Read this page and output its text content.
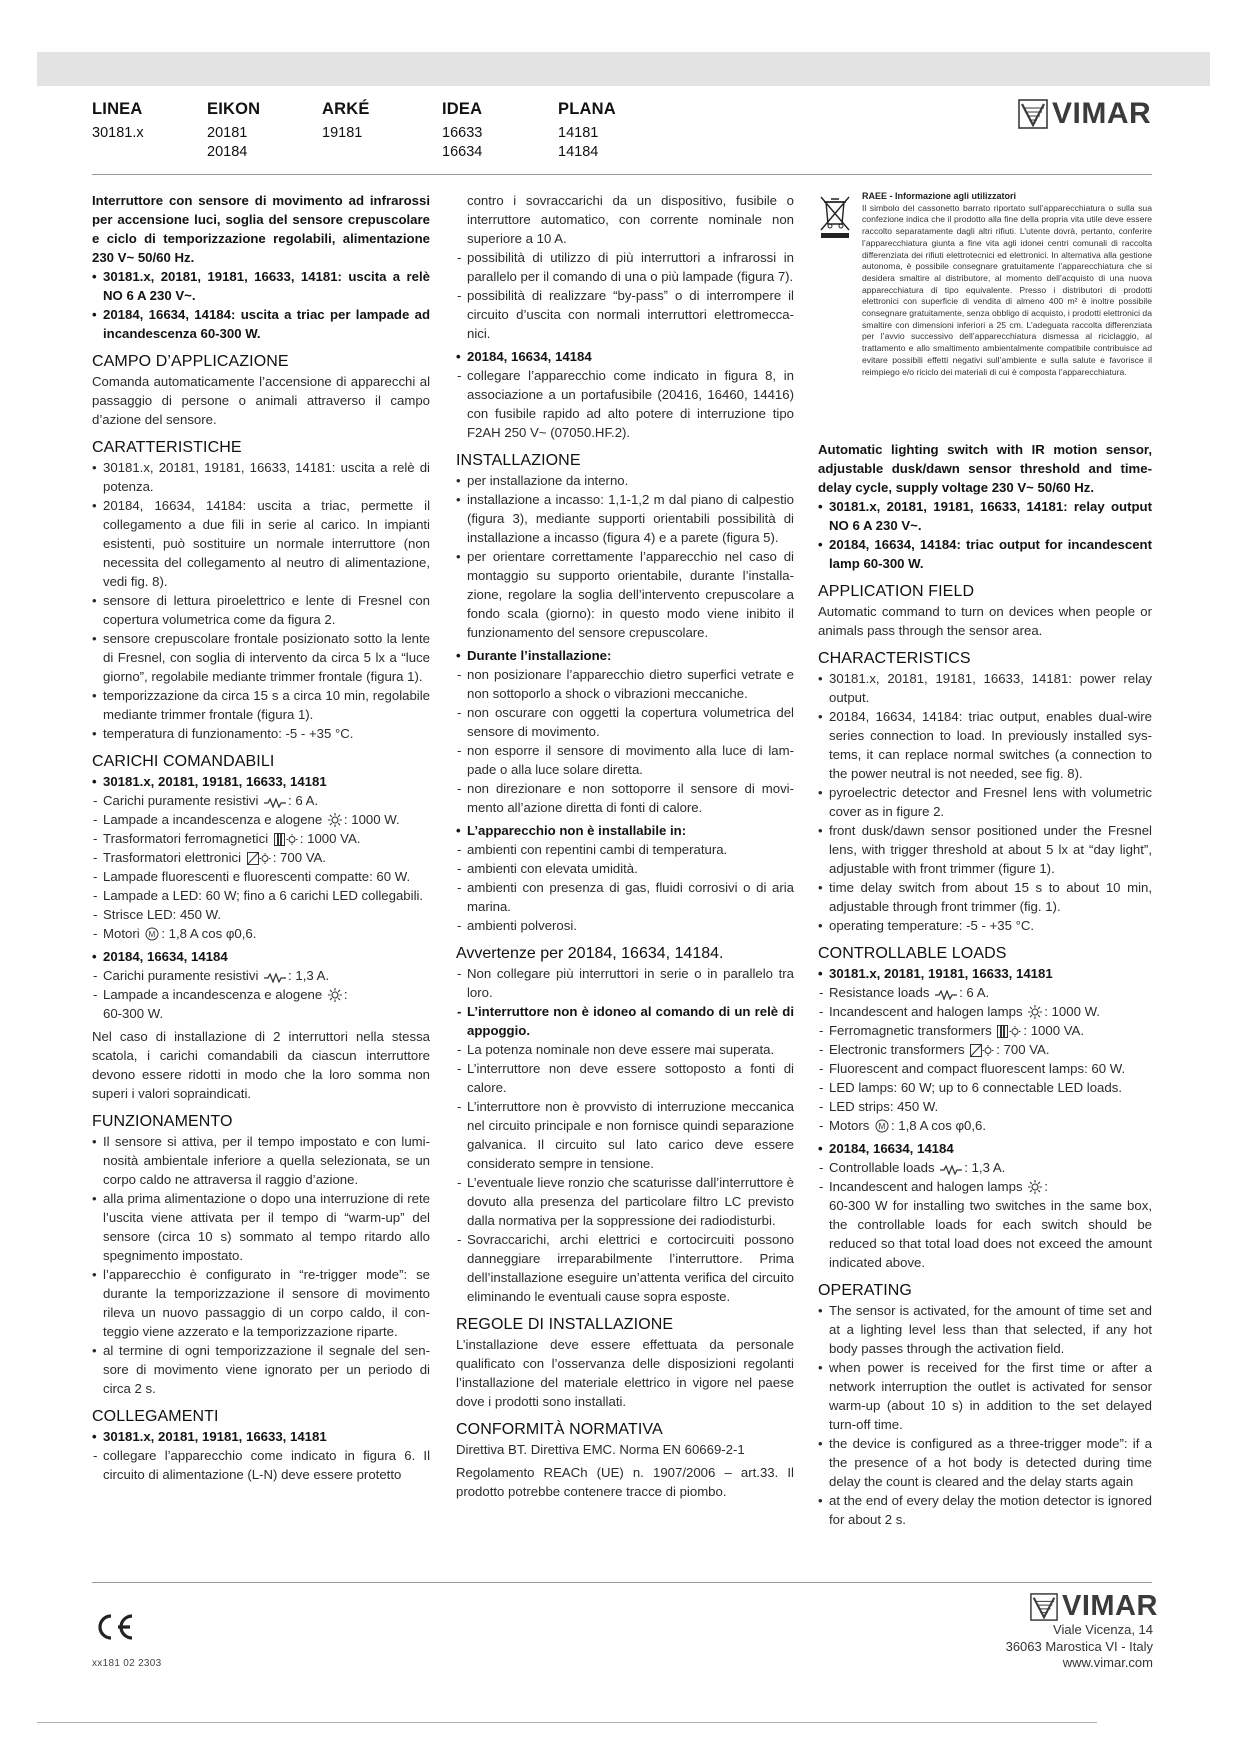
LINEA
30181.x
EIKON
20181
20184
ARKÉ
19181
IDEA
16633
16634
PLANA
14181
14184
VIMAR
Interruttore con sensore di movimento ad infrarossi per accensione luci, soglia del sensore crepuscolare e ciclo di temporizzazione regolabili, alimentazione 230 V~ 50/60 Hz.
• 30181.x, 20181, 19181, 16633, 14181: uscita a relè NO 6 A 230 V~.
• 20184, 16634, 14184: uscita a triac per lampade ad incandescenza 60-300 W.
CAMPO D’APPLICAZIONE
Comanda automaticamente l’accensione di apparecchi al passaggio di persone o animali attraverso il campo d’azione del sensore.
CARATTERISTICHE
• 30181.x, 20181, 19181, 16633, 14181: uscita a relè di potenza.
• 20184, 16634, 14184: uscita a triac, permette il collegamento a due fili in serie al carico. In impianti esistenti, può sostituire un normale interruttore (non necessita del collegamento al neutro di alimentazione, vedi fig. 8).
• sensore di lettura piroelettrico e lente di Fresnel con copertura volumetrica come da figura 2.
• sensore crepuscolare frontale posizionato sotto la lente di Fresnel, con soglia di intervento da circa 5 lx a “luce giorno”, regolabile mediante trimmer frontale (figura 1).
• temporizzazione da circa 15 s a circa 10 min, regolabile mediante trimmer frontale (figura 1).
• temperatura di funzionamento: -5 - +35 °C.
CARICHI COMANDABILI
• 30181.x, 20181, 19181, 16633, 14181
- Carichi puramente resistivi : 6 A.
- Lampade a incandescenza e alogene : 1000 W.
- Trasformatori ferromagnetici : 1000 VA.
- Trasformatori elettronici : 700 VA.
- Lampade fluorescenti e fluorescenti compatte: 60 W.
- Lampade a LED: 60 W; fino a 6 carichi LED collegabili.
- Strisce LED: 450 W.
- Motori M : 1,8 A cos φ0,6.
• 20184, 16634, 14184
- Carichi puramente resistivi : 1,3 A.
- Lampade a incandescenza e alogene :
60-300 W.
Nel caso di installazione di 2 interruttori nella stessa scatola, i carichi comandabili da ciascun interruttore devono essere ridotti in modo che la loro somma non superi i valori sopraindicati.
FUNZIONAMENTO
• Il sensore si attiva, per il tempo impostato e con luminosità ambientale inferiore a quella selezionata, se un corpo caldo ne attraversa il raggio d’azione.
• alla prima alimentazione o dopo una interruzione di rete l’uscita viene attivata per il tempo di “warm-up” del sensore (circa 10 s) sommato al tempo ritardo allo spegnimento impostato.
• l’apparecchio è configurato in “re-trigger mode”: se durante la temporizzazione il sensore di movimento rileva un nuovo passaggio di un corpo caldo, il conteggio viene azzerato e la temporizzazione riparte.
• al termine di ogni temporizzazione il segnale del sensore di movimento viene ignorato per un periodo di circa 2 s.
COLLEGAMENTI
• 30181.x, 20181, 19181, 16633, 14181
- collegare l’apparecchio come indicato in figura 6. Il circuito di alimentazione (L-N) deve essere protetto
contro i sovraccarichi da un dispositivo, fusibile o interruttore automatico, con corrente nominale non superiore a 10 A.
- possibilità di utilizzo di più interruttori a infrarossi in parallelo per il comando di una o più lampade (figura 7).
- possibilità di realizzare “by-passˮ o di interrompere il circuito d’uscita con normali interruttori elettromeccanici.
• 20184, 16634, 14184
- collegare l’apparecchio come indicato in figura 8, in associazione a un portafusibile (20416, 16460, 14416) con fusibile rapido ad alto potere di interruzione tipo F2AH 250 V~ (07050.HF.2).
INSTALLAZIONE
• per installazione da interno.
• installazione a incasso: 1,1-1,2 m dal piano di calpestio (figura 3), mediante supporti orientabili possibilità di installazione a incasso (figura 4) e a parete (figura 5).
• per orientare correttamente l’apparecchio nel caso di montaggio su supporto orientabile, durante l’installazione, regolare la soglia dell’intervento crepuscolare a fondo scala (giorno): in questo modo viene inibito il funzionamento del sensore crepuscolare.
• Durante l’installazione:
- non posizionare l’apparecchio dietro superfici vetrate e non sottoporlo a shock o vibrazioni meccaniche.
- non oscurare con oggetti la copertura volumetrica del sensore di movimento.
- non esporre il sensore di movimento alla luce di lampade o alla luce solare diretta.
- non direzionare e non sottoporre il sensore di movimento all’azione diretta di fonti di calore.
• L’apparecchio non è installabile in:
- ambienti con repentini cambi di temperatura.
- ambienti con elevata umidità.
- ambienti con presenza di gas, fluidi corrosivi o di aria marina.
- ambienti polverosi.
Avvertenze per 20184, 16634, 14184.
- Non collegare più interruttori in serie o in parallelo tra loro.
- L’interruttore non è idoneo al comando di un relè di appoggio.
- La potenza nominale non deve essere mai superata.
- L’interruttore non deve essere sottoposto a fonti di calore.
- L’interruttore non è provvisto di interruzione meccanica nel circuito principale e non fornisce quindi separazione galvanica. Il circuito sul lato carico deve essere considerato sempre in tensione.
- L’eventuale lieve ronzio che scaturisse dall’interruttore è dovuto alla presenza del particolare filtro LC previsto dalla normativa per la soppressione dei radiodisturbi.
- Sovraccarichi, archi elettrici e cortocircuiti possono danneggiare irreparabilmente l’interruttore. Prima dell’installazione eseguire un’attenta verifica del circuito eliminando le eventuali cause sopra esposte.
REGOLE DI INSTALLAZIONE
L’installazione deve essere effettuata da personale qualificato con l’osservanza delle disposizioni regolanti l’installazione del materiale elettrico in vigore nel paese dove i prodotti sono installati.
CONFORMITÀ NORMATIVA
Direttiva BT. Direttiva EMC. Norma EN 60669-2-1
Regolamento REACh (UE) n. 1907/2006 – art.33. Il prodotto potrebbe contenere tracce di piombo.
RAEE - Informazione agli utilizzatori
Il simbolo del cassonetto barrato riportato sull’apparecchiatura o sulla sua confezione indica che il prodotto alla fine della propria vita utile deve essere raccolto separatamente dagli altri rifiuti. L’utente dovrà, pertanto, conferire l’apparecchiatura giunta a fine vita agli idonei centri comunali di raccolta differenziata dei rifiuti elettrotecnici ed elettronici. In alternativa alla gestione autonoma, è possibile consegnare gratuitamente l’apparecchiatura che si desidera smaltire al distributore, al momento dell’acquisto di una nuova apparecchiatura di tipo equivalente. Presso i distributori di prodotti elettronici con superficie di vendita di almeno 400 m² è inoltre possibile consegnare gratuitamente, senza obbligo di acquisto, i prodotti elettronici da smaltire con dimensioni inferiori a 25 cm. L’adeguata raccolta differenziata per l’avvio successivo dell’apparecchiatura dismessa al riciclaggio, al trattamento e allo smaltimento ambientalmente compatibile contribuisce ad evitare possibili effetti negativi sull’ambiente e sulla salute e favorisce il reimpiego e/o riciclo dei materiali di cui è composta l’apparecchiatura.
Automatic lighting switch with IR motion sensor, adjustable dusk/dawn sensor threshold and timedelay cycle, supply voltage 230 V~ 50/60 Hz.
• 30181.x, 20181, 19181, 16633, 14181: relay output NO 6 A 230 V~.
• 20184, 16634, 14184: triac output for incandescent lamp 60-300 W.
APPLICATION FIELD
Automatic command to turn on devices when people or animals pass through the sensor area.
CHARACTERISTICS
• 30181.x, 20181, 19181, 16633, 14181: power relay output.
• 20184, 16634, 14184: triac output, enables dual-wire series connection to load. In previously installed systems, it can replace normal switches (a connection to the power neutral is not needed, see fig. 8).
• pyroelectric detector and Fresnel lens with volumetric cover as in figure 2.
• front dusk/dawn sensor positioned under the Fresnel lens, with trigger threshold at about 5 lx at “day light”, adjustable with front trimmer (figure 1).
• time delay switch from about 15 s to about 10 min, adjustable through front trimmer (fig. 1).
• operating temperature: -5 - +35 °C.
CONTROLLABLE LOADS
• 30181.x, 20181, 19181, 16633, 14181
- Resistance loads : 6 A.
- Incandescent and halogen lamps : 1000 W.
- Ferromagnetic transformers : 1000 VA.
- Electronic transformers : 700 VA.
- Fluorescent and compact fluorescent lamps: 60 W.
- LED lamps: 60 W; up to 6 connectable LED loads.
- LED strips: 450 W.
- Motors M : 1,8 A cos φ0,6.
• 20184, 16634, 14184
- Controllable loads : 1,3 A.
- Incandescent and halogen lamps :
60-300 W for installing two switches in the same box, the controllable loads for each switch should be reduced so that total load does not exceed the amount indicated above.
OPERATING
• The sensor is activated, for the amount of time set and at a lighting level less than that selected, if any hot body passes through the activation field.
• when power is received for the first time or after a network interruption the outlet is activated for sensor warm-up (about 10 s) in addition to the set delayed turn-off time.
• the device is configured as a three-trigger mode”: if a the presence of a hot body is detected during time delay the count is cleared and the delay starts again
• at the end of every delay the motion detector is ignored for about 2 s.
xx181 02 2303
VIMAR
Viale Vicenza, 14
36063 Marostica VI - Italy
www.vimar.com
